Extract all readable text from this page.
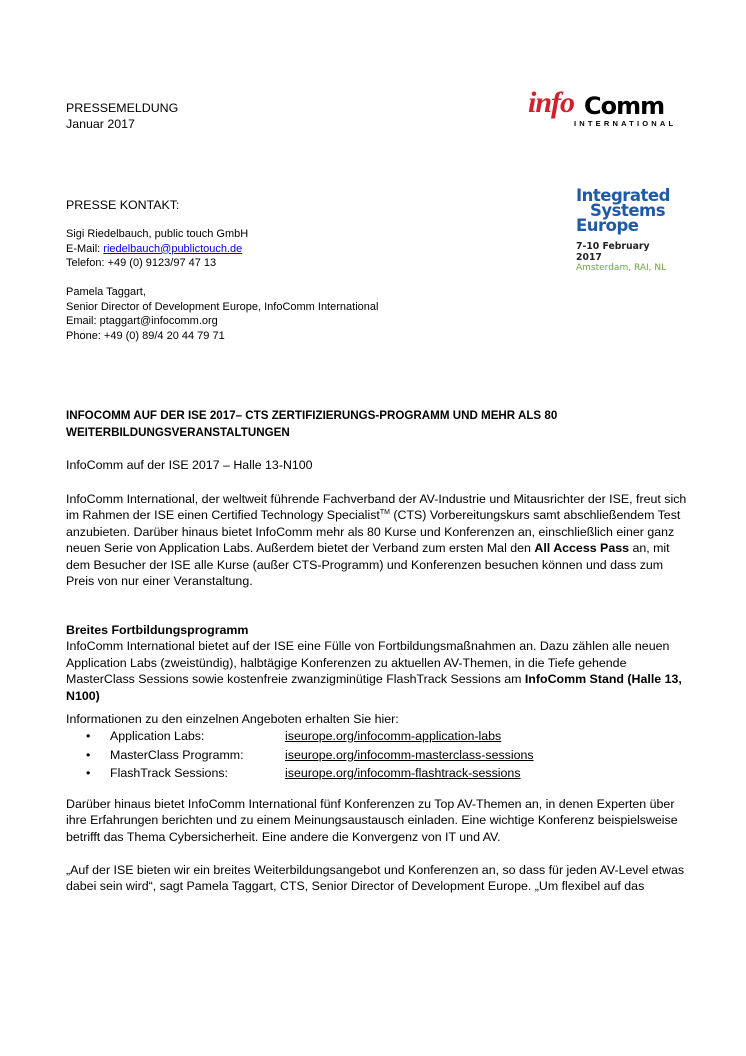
PRESSEMELDUNG
Januar 2017
info Comm
INTERNATIONAL
Integrated
Systems
Europe
7-10 February 2017
Amsterdam, RAI, NL
PRESSE KONTAKT:
Sigi Riedelbauch, public touch GmbH
E-Mail: riedelbauch@publictouch.de
Telefon: +49 (0) 9123/97 47 13
Pamela Taggart,
Senior Director of Development Europe, InfoComm International
Email: ptaggart@infocomm.org
Phone: +49 (0) 89/4 20 44 79 71
INFOCOMM AUF DER ISE 2017– CTS ZERTIFIZIERUNGS-PROGRAMM UND MEHR ALS 80
WEITERBILDUNGSVERANSTALTUNGEN
InfoComm auf der ISE 2017 – Halle 13-N100
InfoComm International, der weltweit führende Fachverband der AV-Industrie und Mitausrichter der ISE, freut sich
im Rahmen der ISE einen Certified Technology Specialist™ (CTS) Vorbereitungskurs samt abschließendem Test
anzubieten. Darüber hinaus bietet InfoComm mehr als 80 Kurse und Konferenzen an, einschließlich einer ganz
neuen Serie von Application Labs. Außerdem bietet der Verband zum ersten Mal den All Access Pass an, mit
dem Besucher der ISE alle Kurse (außer CTS-Programm) und Konferenzen besuchen können und dass zum
Preis von nur einer Veranstaltung.
Breites Fortbildungsprogramm
InfoComm International bietet auf der ISE eine Fülle von Fortbildungsmaßnahmen an. Dazu zählen alle neuen
Application Labs (zweistündig), halbtägige Konferenzen zu aktuellen AV-Themen, in die Tiefe gehende
MasterClass Sessions sowie kostenfreie zwanzigminütige FlashTrack Sessions am InfoComm Stand (Halle 13,
N100)
Informationen zu den einzelnen Angeboten erhalten Sie hier:
• Application Labs:	iseurope.org/infocomm-application-labs
• MasterClass Programm:	iseurope.org/infocomm-masterclass-sessions
• FlashTrack Sessions:	iseurope.org/infocomm-flashtrack-sessions
Darüber hinaus bietet InfoComm International fünf Konferenzen zu Top AV-Themen an, in denen Experten über
ihre Erfahrungen berichten und zu einem Meinungsaustausch einladen. Eine wichtige Konferenz beispielsweise
betrifft das Thema Cybersicherheit. Eine andere die Konvergenz von IT und AV.
„Auf der ISE bieten wir ein breites Weiterbildungsangebot und Konferenzen an, so dass für jeden AV-Level etwas
dabei sein wird“, sagt Pamela Taggart, CTS, Senior Director of Development Europe. „Um flexibel auf das
